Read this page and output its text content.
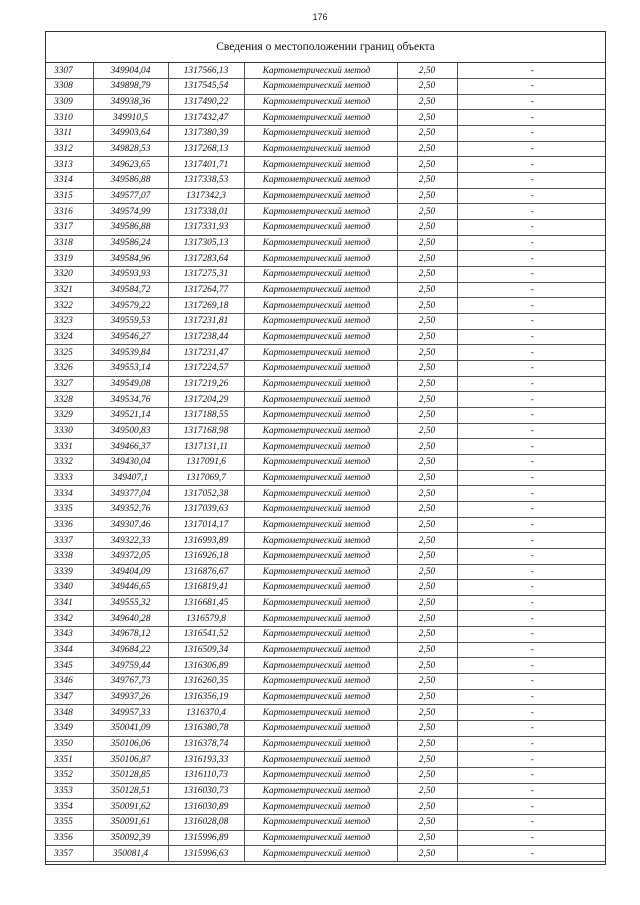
176
Сведения о местоположении границ объекта
3307	349904,04	1317566,13	Картометрический метод	2,50	-
3308	349898,79	1317545,54	Картометрический метод	2,50	-
3309	349938,36	1317490,22	Картометрический метод	2,50	-
3310	349910,5	1317432,47	Картометрический метод	2,50	-
3311	349903,64	1317380,39	Картометрический метод	2,50	-
3312	349828,53	1317268,13	Картометрический метод	2,50	-
3313	349623,65	1317401,71	Картометрический метод	2,50	-
3314	349586,88	1317338,53	Картометрический метод	2,50	-
3315	349577,07	1317342,3	Картометрический метод	2,50	-
3316	349574,99	1317338,01	Картометрический метод	2,50	-
3317	349586,88	1317331,93	Картометрический метод	2,50	-
3318	349586,24	1317305,13	Картометрический метод	2,50	-
3319	349584,96	1317283,64	Картометрический метод	2,50	-
3320	349593,93	1317275,31	Картометрический метод	2,50	-
3321	349584,72	1317264,77	Картометрический метод	2,50	-
3322	349579,22	1317269,18	Картометрический метод	2,50	-
3323	349559,53	1317231,81	Картометрический метод	2,50	-
3324	349546,27	1317238,44	Картометрический метод	2,50	-
3325	349539,84	1317231,47	Картометрический метод	2,50	-
3326	349553,14	1317224,57	Картометрический метод	2,50	-
3327	349549,08	1317219,26	Картометрический метод	2,50	-
3328	349534,76	1317204,29	Картометрический метод	2,50	-
3329	349521,14	1317188,55	Картометрический метод	2,50	-
3330	349500,83	1317168,98	Картометрический метод	2,50	-
3331	349466,37	1317131,11	Картометрический метод	2,50	-
3332	349430,04	1317091,6	Картометрический метод	2,50	-
3333	349407,1	1317069,7	Картометрический метод	2,50	-
3334	349377,04	1317052,38	Картометрический метод	2,50	-
3335	349352,76	1317039,63	Картометрический метод	2,50	-
3336	349307,46	1317014,17	Картометрический метод	2,50	-
3337	349322,33	1316993,89	Картометрический метод	2,50	-
3338	349372,05	1316926,18	Картометрический метод	2,50	-
3339	349404,09	1316876,67	Картометрический метод	2,50	-
3340	349446,65	1316819,41	Картометрический метод	2,50	-
3341	349555,32	1316681,45	Картометрический метод	2,50	-
3342	349640,28	1316579,8	Картометрический метод	2,50	-
3343	349678,12	1316541,52	Картометрический метод	2,50	-
3344	349684,22	1316509,34	Картометрический метод	2,50	-
3345	349759,44	1316306,89	Картометрический метод	2,50	-
3346	349767,73	1316260,35	Картометрический метод	2,50	-
3347	349937,26	1316356,19	Картометрический метод	2,50	-
3348	349957,33	1316370,4	Картометрический метод	2,50	-
3349	350041,09	1316380,78	Картометрический метод	2,50	-
3350	350106,06	1316378,74	Картометрический метод	2,50	-
3351	350106,87	1316193,33	Картометрический метод	2,50	-
3352	350128,85	1316110,73	Картометрический метод	2,50	-
3353	350128,51	1316030,73	Картометрический метод	2,50	-
3354	350091,62	1316030,89	Картометрический метод	2,50	-
3355	350091,61	1316028,08	Картометрический метод	2,50	-
3356	350092,39	1315996,89	Картометрический метод	2,50	-
3357	350081,4	1315996,63	Картометрический метод	2,50	-
